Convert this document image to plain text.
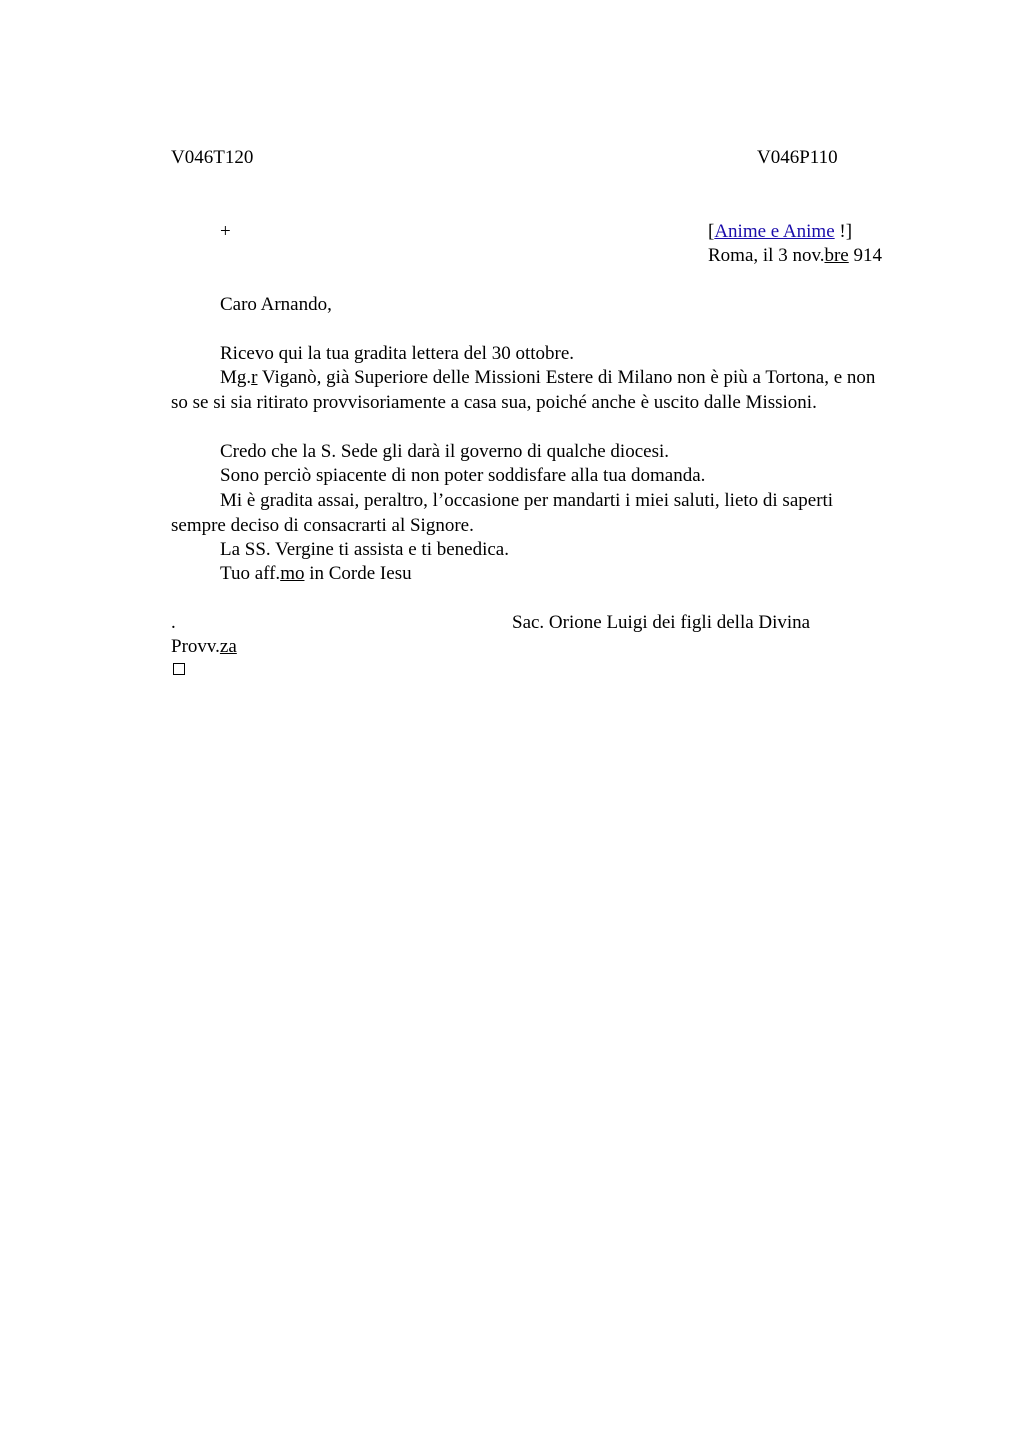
V046T120	V046P110
+	[Anime e Anime !]
Roma, il 3 nov.bre 914
Caro Arnando,
Ricevo qui la tua gradita lettera del 30 ottobre.
Mg.r Viganò, già Superiore delle Missioni Estere di Milano non è più a Tortona, e non so se si sia ritirato provvisoriamente a casa sua, poiché anche è uscito dalle Missioni.
Credo che la S. Sede gli darà il governo di qualche diocesi.
Sono perciò spiacente di non poter soddisfare alla tua domanda.
Mi è gradita assai, peraltro, l’occasione per mandarti i miei saluti, lieto di saperti sempre deciso di consacrarti al Signore.
La SS. Vergine ti assista e ti benedica.
Tuo aff.mo in Corde Iesu
.	Sac. Orione Luigi dei figli della Divina
Provv.za
